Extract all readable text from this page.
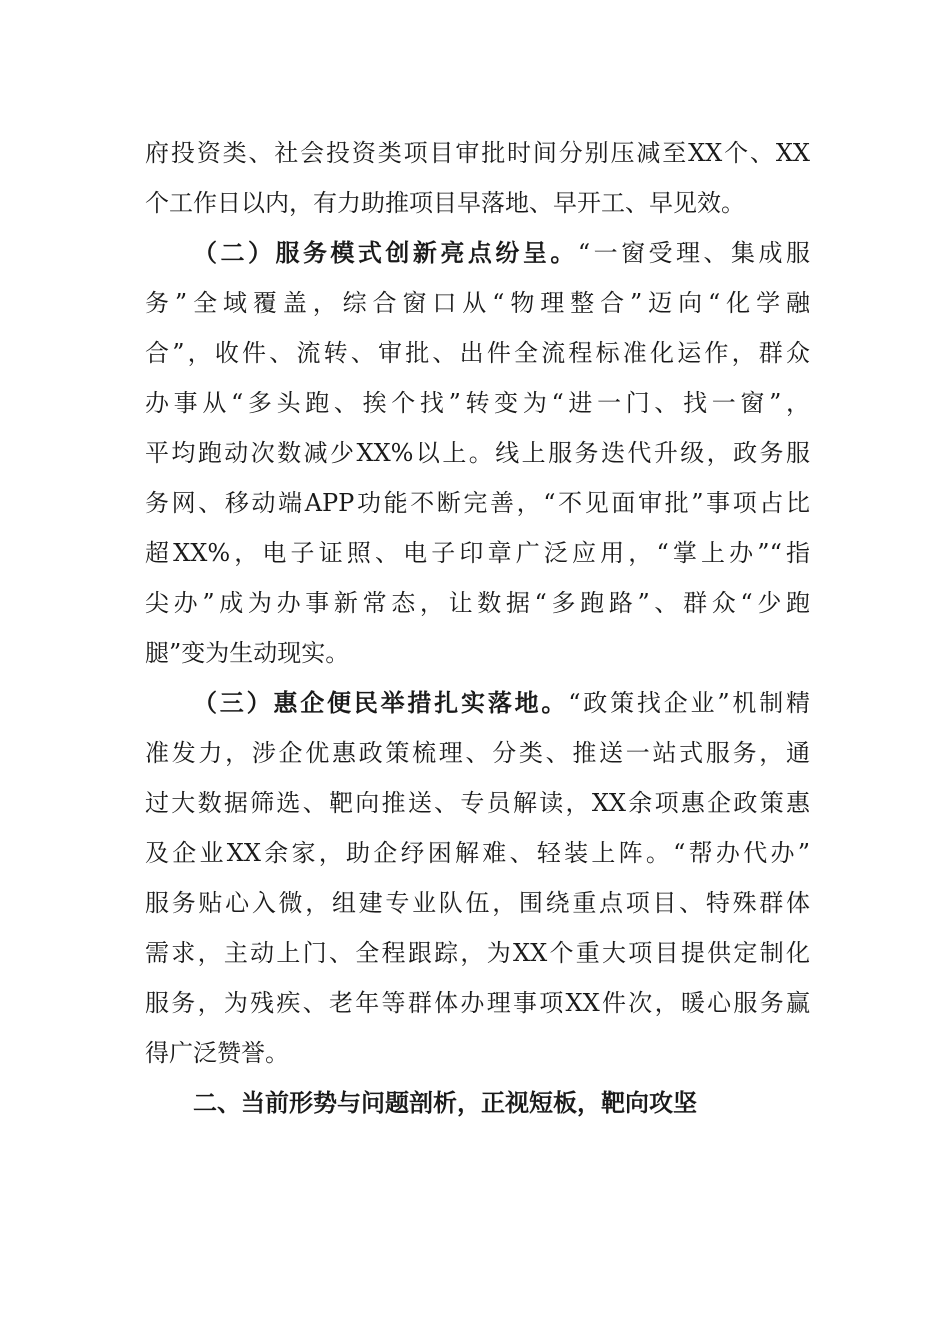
府投资类、社会投资类项目审批时间分别压减至XX个、XX
个工作日以内，有力助推项目早落地、早开工、早见效。
（二）服务模式创新亮点纷呈。“一窗受理、集成服
务”全域覆盖，综合窗口从“物理整合”迈向“化学融
合”，收件、流转、审批、出件全流程标准化运作，群众
办事从“多头跑、挨个找”转变为“进一门、找一窗”，
平均跑动次数减少XX%以上。线上服务迭代升级，政务服
务网、移动端APP功能不断完善，“不见面审批”事项占比
超XX%，电子证照、电子印章广泛应用，“掌上办”“指
尖办”成为办事新常态，让数据“多跑路”、群众“少跑
腿”变为生动现实。
（三）惠企便民举措扎实落地。“政策找企业”机制精
准发力，涉企优惠政策梳理、分类、推送一站式服务，通
过大数据筛选、靶向推送、专员解读，XX余项惠企政策惠
及企业XX余家，助企纾困解难、轻装上阵。“帮办代办”
服务贴心入微，组建专业队伍，围绕重点项目、特殊群体
需求，主动上门、全程跟踪，为XX个重大项目提供定制化
服务，为残疾、老年等群体办理事项XX件次，暖心服务赢
得广泛赞誉。
二、当前形势与问题剖析，正视短板，靶向攻坚
